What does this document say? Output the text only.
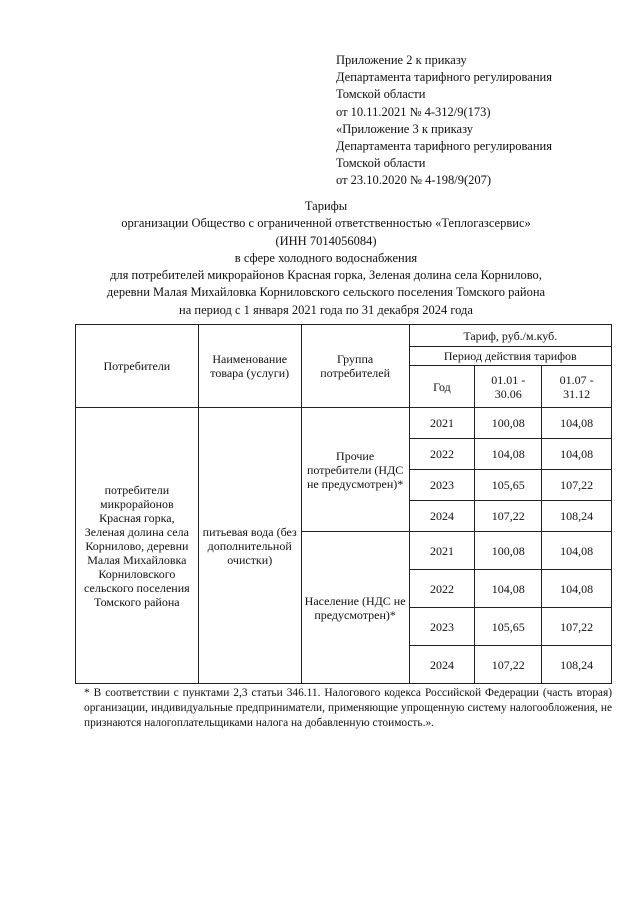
Приложение 2 к приказу
Департамента тарифного регулирования
Томской области
от 10.11.2021 № 4-312/9(173)
«Приложение 3 к приказу
Департамента тарифного регулирования
Томской области
от 23.10.2020 № 4-198/9(207)
Тарифы
организации Общество с ограниченной ответственностью «Теплогазсервис»
(ИНН 7014056084)
в сфере холодного водоснабжения
для потребителей микрорайонов Красная горка, Зеленая долина села Корнилово,
деревни Малая Михайловка Корниловского сельского поселения Томского района
на период с 1 января 2021 года по 31 декабря 2024 года
Потребители	Наименование товара (услуги)	Группа потребителей	Тариф, руб./м.куб.		
			Период действия тарифов		
			Год	01.01 - 30.06	01.07 - 31.12
потребители микрорайонов Красная горка, Зеленая долина села Корнилово, деревни Малая Михайловка Корниловского сельского поселения Томского района	питьевая вода (без дополнительной очистки)	Прочие потребители (НДС не предусмотрен)*	2021	100,08	104,08
			2022	104,08	104,08
			2023	105,65	107,22
			2024	107,22	108,24
		Население (НДС не предусмотрен)*	2021	100,08	104,08
			2022	104,08	104,08
			2023	105,65	107,22
			2024	107,22	108,24
* В соответствии с пунктами 2,3 статьи 346.11. Налогового кодекса Российской Федерации (часть вторая) организации, индивидуальные предприниматели, применяющие упрощенную систему налогообложения, не признаются налогоплательщиками налога на добавленную стоимость.».
